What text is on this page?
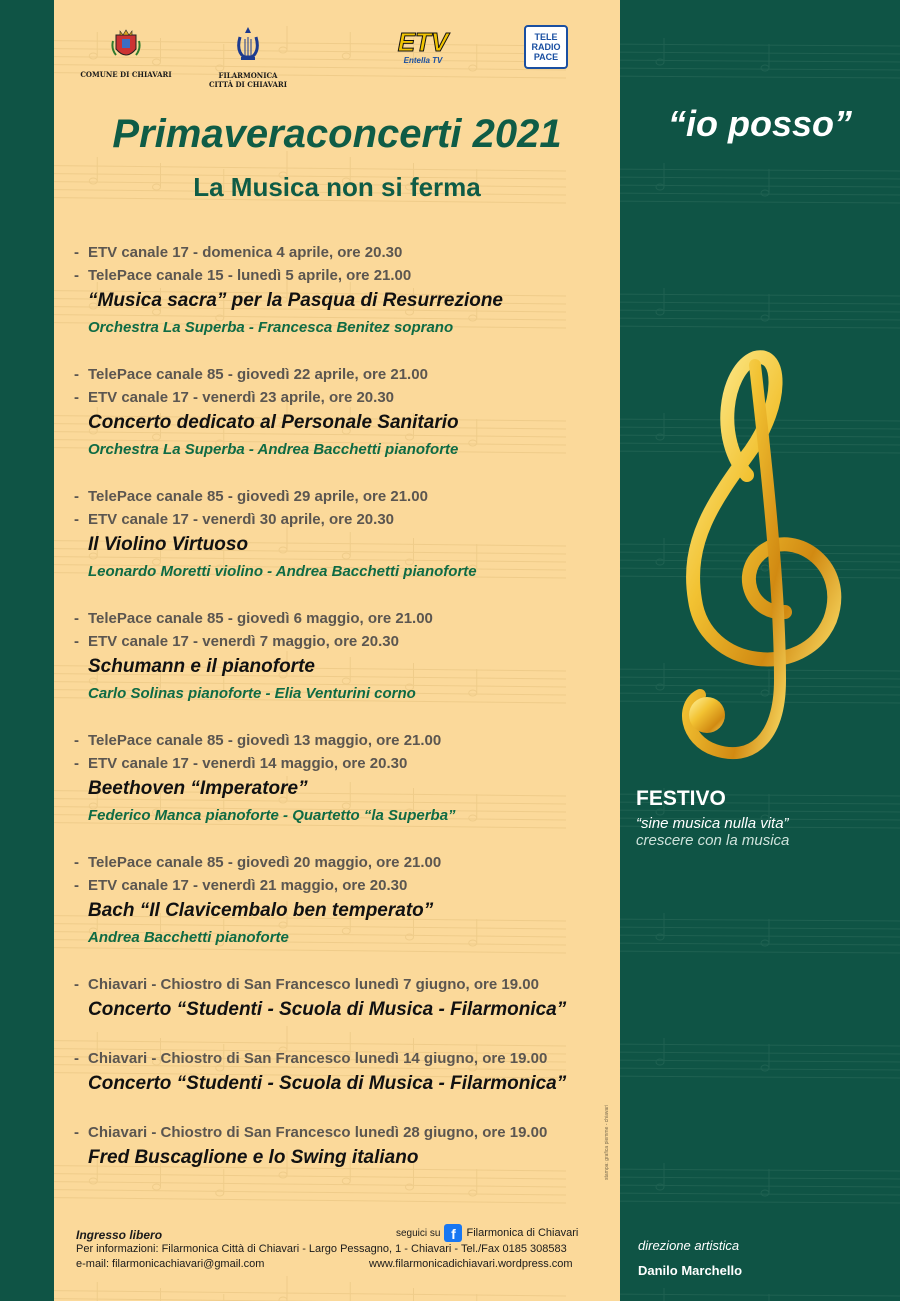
COMUNE DI CHIAVARI	FILARMONICA
CITTÀ DI CHIAVARI
ETV
Entella TV
TELE
RADIO
PACE
Primaveraconcerti 2021
La Musica non si ferma
- ETV canale 17 - domenica 4 aprile, ore 20.30
- TelePace canale 15 - lunedì 5 aprile, ore 21.00
“Musica sacra” per la Pasqua di Resurrezione
Orchestra La Superba - Francesca Benitez soprano
- TelePace canale 85 - giovedì 22 aprile, ore 21.00
- ETV canale 17 - venerdì 23 aprile, ore 20.30
Concerto dedicato al Personale Sanitario
Orchestra La Superba - Andrea Bacchetti pianoforte
- TelePace canale 85 - giovedì 29 aprile, ore 21.00
- ETV canale 17 - venerdì 30 aprile, ore 20.30
Il Violino Virtuoso
Leonardo Moretti violino - Andrea Bacchetti pianoforte
- TelePace canale 85 - giovedì 6 maggio, ore 21.00
- ETV canale 17 - venerdì 7 maggio, ore 20.30
Schumann e il pianoforte
Carlo Solinas pianoforte - Elia Venturini corno
- TelePace canale 85 - giovedì 13 maggio, ore 21.00
- ETV canale 17 - venerdì 14 maggio, ore 20.30
Beethoven “Imperatore”
Federico Manca pianoforte - Quartetto “la Superba”
- TelePace canale 85 - giovedì 20 maggio, ore 21.00
- ETV canale 17 - venerdì 21 maggio, ore 20.30
Bach “Il Clavicembalo ben temperato”
Andrea Bacchetti pianoforte
- Chiavari - Chiostro di San Francesco lunedì 7 giugno, ore 19.00
Concerto “Studenti - Scuola di Musica - Filarmonica”
- Chiavari - Chiostro di San Francesco lunedì 14 giugno, ore 19.00
Concerto “Studenti - Scuola di Musica - Filarmonica”
- Chiavari - Chiostro di San Francesco lunedì 28 giugno, ore 19.00
Fred Buscaglione e lo Swing italiano
Ingresso libero	seguici su f Filarmonica di Chiavari
Per informazioni: Filarmonica Città di Chiavari - Largo Pessagno, 1 - Chiavari - Tel./Fax 0185 308583
e-mail: filarmonicachiavari@gmail.com	www.filarmonicadichiavari.wordpress.com
stampa: grafica piemme - chiavari
“io posso”
FESTIVO
“sine musica nulla vita”
crescere con la musica
direzione artistica
Danilo Marchello
